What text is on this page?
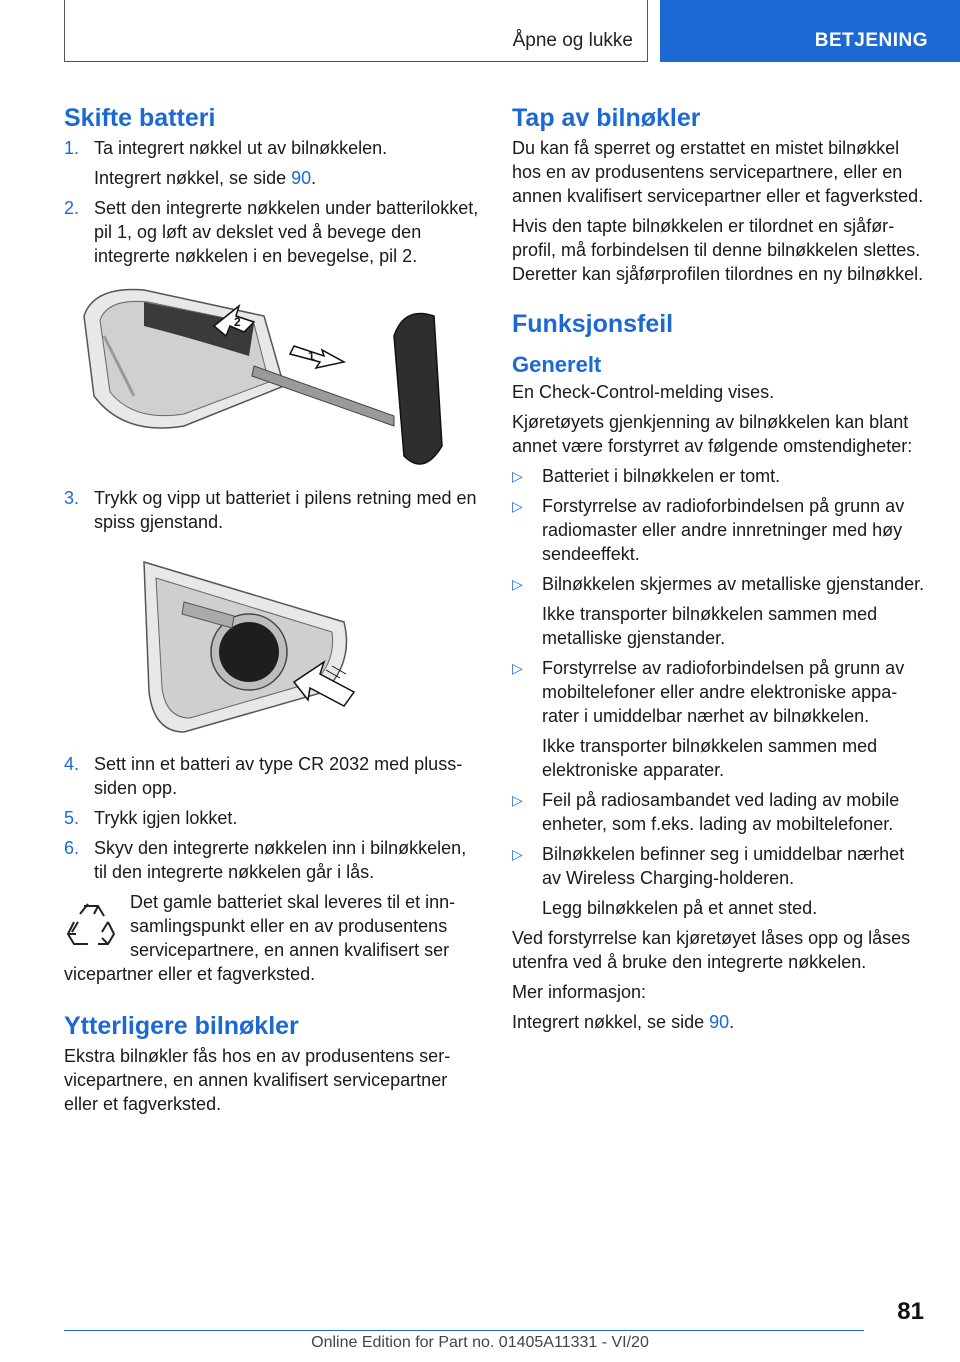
Åpne og lukke	BETJENING
Skifte batteri
1. Ta integrert nøkkel ut av bilnøkkelen.
Integrert nøkkel, se side 90.
2. Sett den integrerte nøkkelen under batterilokket, pil 1, og løft av dekslet ved å bevege den integrerte nøkkelen i en bevegelse, pil 2.
1
2
3. Trykk og vipp ut batteriet i pilens retning med en spiss gjenstand.
4. Sett inn et batteri av type CR 2032 med pluss-siden opp.
5. Trykk igjen lokket.
6. Skyv den integrerte nøkkelen inn i bilnøkkelen, til den integrerte nøkkelen går i lås.
Det gamle batteriet skal leveres til et innsamlingspunkt eller en av produsentens servicepartnere, en annen kvalifisert ser
vicepartner eller et fagverksted.
Ytterligere bilnøkler

Ekstra bilnøkler fås hos en av produsentens servicepartnere, en annen kvalifisert servicepartner eller et fagverksted.

Tap av bilnøkler

Du kan få sperret og erstattet en mistet bilnøkkel hos en av produsentens servicepartnere, eller en annen kvalifisert servicepartner eller et fagverksted.

Hvis den tapte bilnøkkelen er tilordnet en sjåførprofil, må forbindelsen til denne bilnøkkelen slettes. Deretter kan sjåførprofilen tilordnes en ny bilnøkkel.

Funksjonsfeil
Generelt

En Check-Control-melding vises.

Kjøretøyets gjenkjenning av bilnøkkelen kan blant annet være forstyrret av følgende omstendigheter:

▷ Batteriet i bilnøkkelen er tomt.
▷ Forstyrrelse av radioforbindelsen på grunn av radiomaster eller andre innretninger med høy sendeeffekt.
▷ Bilnøkkelen skjermes av metalliske gjenstander.
Ikke transporter bilnøkkelen sammen med metalliske gjenstander.
▷ Forstyrrelse av radioforbindelsen på grunn av mobiltelefoner eller andre elektroniske apparater i umiddelbar nærhet av bilnøkkelen.
Ikke transporter bilnøkkelen sammen med elektroniske apparater.
▷ Feil på radiosambandet ved lading av mobile enheter, som f.eks. lading av mobiltelefoner.
▷ Bilnøkkelen befinner seg i umiddelbar nærhet av Wireless Charging-holderen.
Legg bilnøkkelen på et annet sted.

Ved forstyrrelse kan kjøretøyet låses opp og låses utenfra ved å bruke den integrerte nøkkelen.

Mer informasjon:

Integrert nøkkel, se side 90.

81
Online Edition for Part no. 01405A11331 - VI/20
